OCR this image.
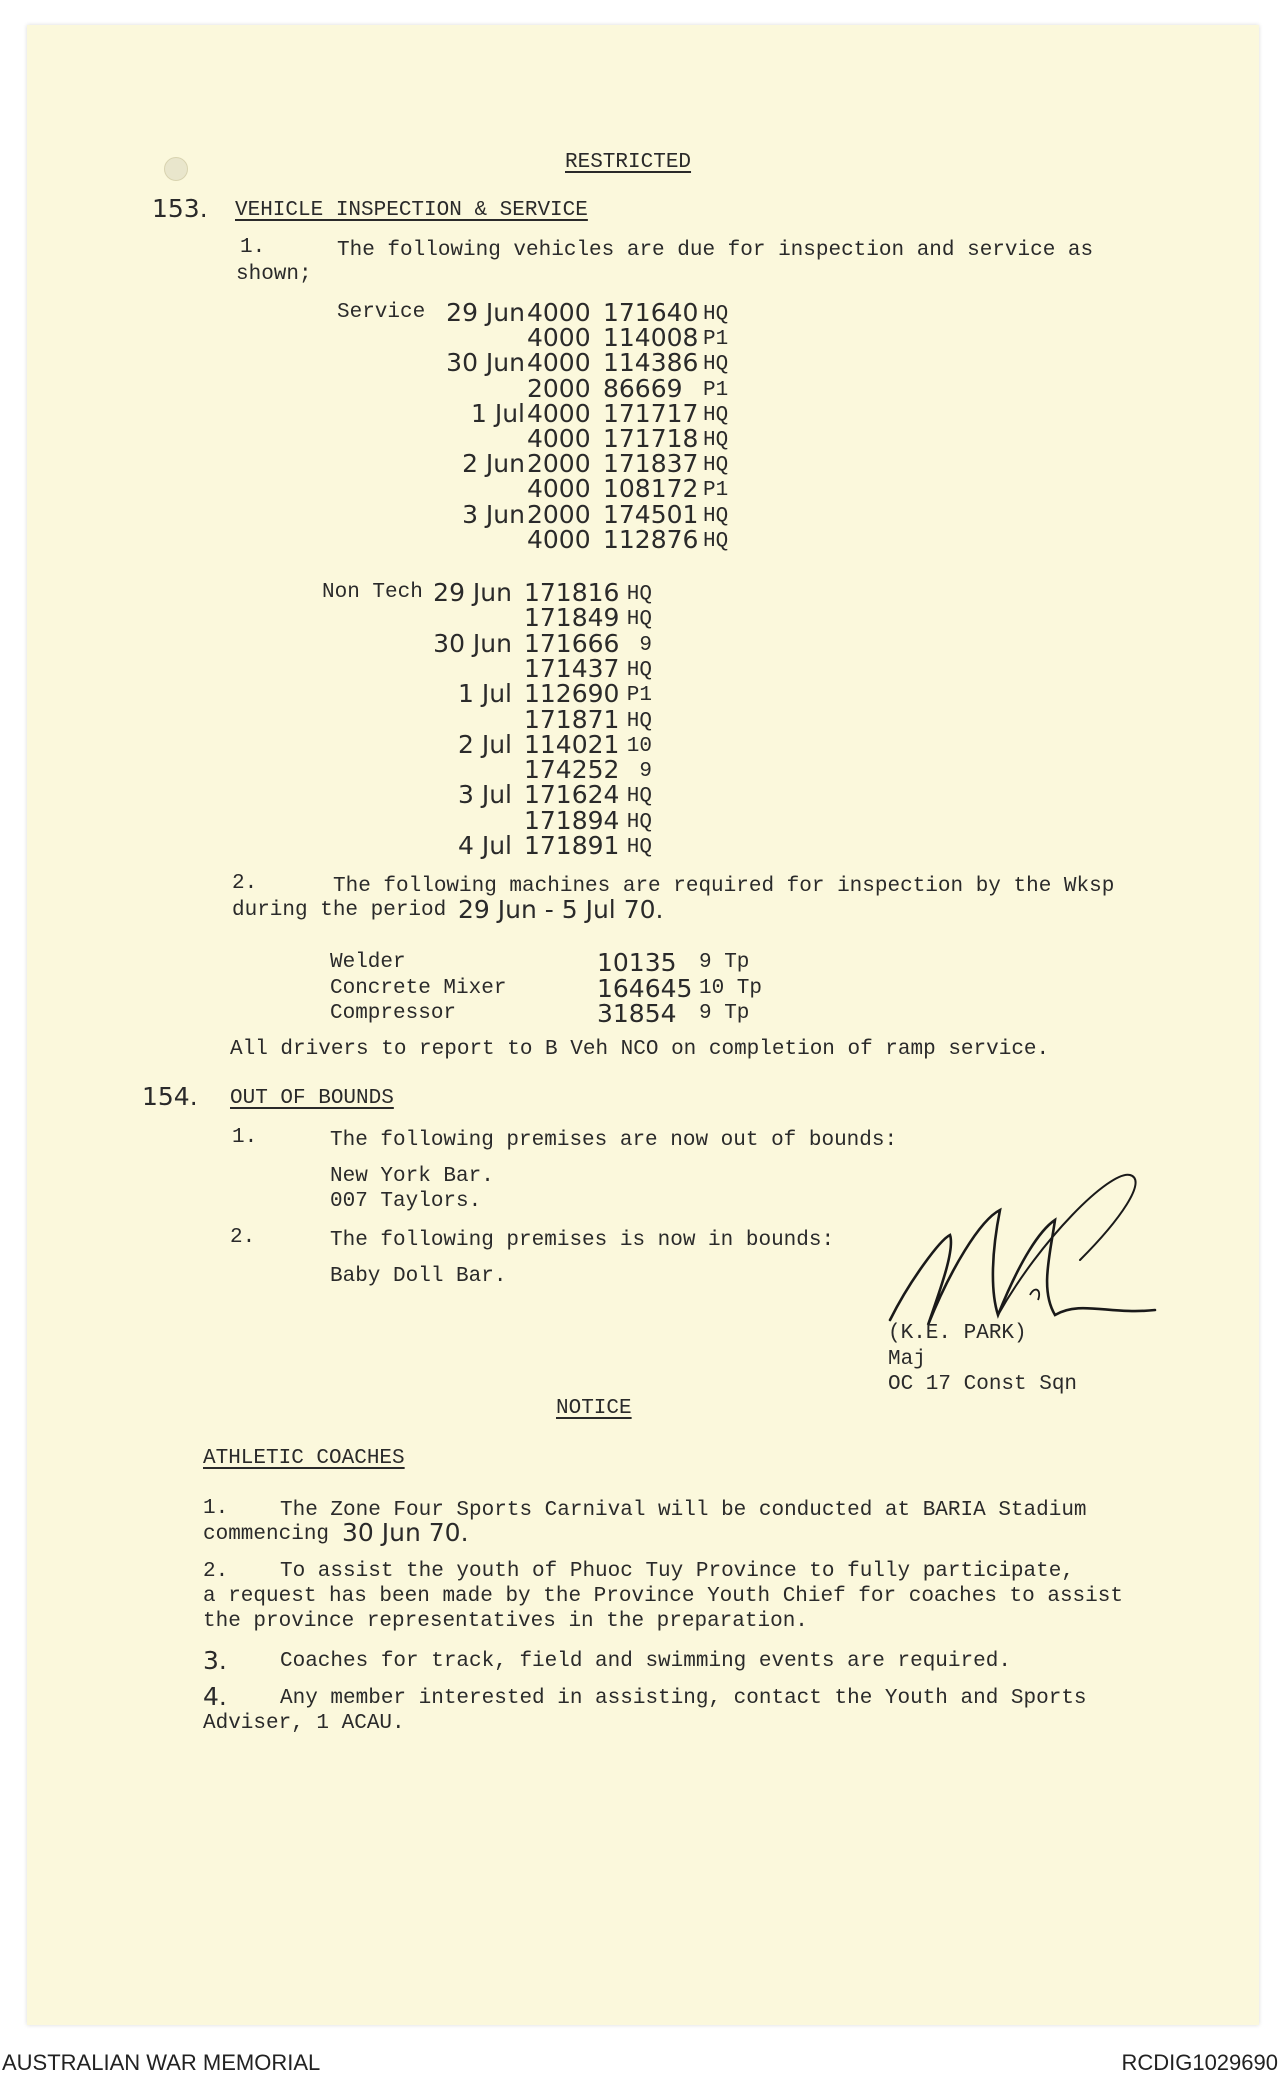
RESTRICTED
153. VEHICLE INSPECTION & SERVICE
1.	The following vehicles are due for inspection and service as
shown;
Service 29 Jun 4000 171640 HQ
4000 114008 P1
30 Jun 4000 114386 HQ
2000 86669 P1
1 Jul 4000 171717 HQ
4000 171718 HQ
2 Jun 2000 171837 HQ
4000 108172 P1
3 Jun 2000 174501 HQ
4000 112876 HQ
Non Tech 29 Jun 171816 HQ
171849 HQ
30 Jun 171666 9
171437 HQ
1 Jul 112690 P1
171871 HQ
2 Jul 114021 10
174252 9
3 Jul 171624 HQ
171894 HQ
4 Jul 171891 HQ
2.	The following machines are required for inspection by the Wksp
during the period 29 Jun - 5 Jul 70.
Welder	10135 9 Tp
Concrete Mixer	164645 10 Tp
Compressor	31854 9 Tp
All drivers to report to B Veh NCO on completion of ramp service.
154. OUT OF BOUNDS
1.	The following premises are now out of bounds:
New York Bar.
007 Taylors.
2.	The following premises is now in bounds:
Baby Doll Bar.
(K.E. PARK)
Maj
OC 17 Const Sqn
NOTICE
ATHLETIC COACHES
1. The Zone Four Sports Carnival will be conducted at BARIA Stadium
commencing 30 Jun 70.
2. To assist the youth of Phuoc Tuy Province to fully participate,
a request has been made by the Province Youth Chief for coaches to assist
the province representatives in the preparation.
3.	Coaches for track, field and swimming events are required.
4.	Any member interested in assisting, contact the Youth and Sports
Adviser, 1 ACAU.
AUSTRALIAN WAR MEMORIAL	RCDIG1029690
